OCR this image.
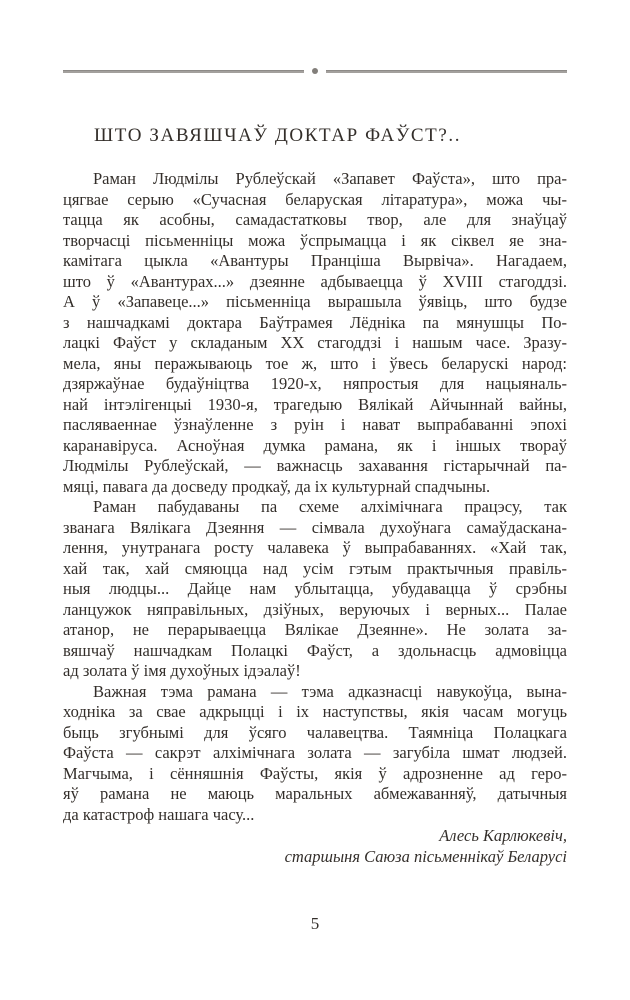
ШТО ЗАВЯШЧАЎ ДОКТАР ФАЎСТ?..
Раман Людмілы Рублеўскай «Запавет Фаўста», што пра-
цягвае серыю «Сучасная беларуская літаратура», можа чы-
тацца як асобны, самадастатковы твор, але для знаўцаў
творчасці пісьменніцы можа ўспрымацца і як сіквел яе зна-
камітага цыкла «Авантуры Пранціша Вырвіча». Нагадаем,
што ў «Авантурах...» дзеянне адбываецца ў XVIII стагоддзі.
А ў «Запавеце...» пісьменніца вырашыла ўявіць, што будзе
з нашчадкамі доктара Баўтрамея Лёдніка па мянушцы По-
лацкі Фаўст у складаным XX стагоддзі і нашым часе. Зразу-
мела, яны перажываюць тое ж, што і ўвесь беларускі народ:
дзяржаўнае будаўніцтва 1920-х, няпростыя для нацыяналь-
най інтэлігенцыі 1930-я, трагедыю Вялікай Айчыннай вайны,
пасляваеннае ўзнаўленне з руін і нават выпрабаванні эпохі
каранавіруса. Асноўная думка рамана, як і іншых твораў
Людмілы Рублеўскай, — важнасць захавання гістарычнай па-
мяці, павага да досведу продкаў, да іх культурнай спадчыны.
Раман пабудаваны па схеме алхімічнага працэсу, так
званага Вялікага Дзеяння — сімвала духоўнага самаўдаскана-
лення, унутранага росту чалавека ў выпрабаваннях. «Хай так,
хай так, хай смяюцца над усім гэтым практычныя правіль-
ныя людцы... Дайце нам ублытацца, убудавацца ў срэбны
ланцужок няправільных, дзіўных, веруючых і верных... Палае
атанор, не перарываецца Вялікае Дзеянне». Не золата за-
вяшчаў нашчадкам Полацкі Фаўст, а здольнасць адмовіцца
ад золата ў імя духоўных ідэалаў!
Важная тэма рамана — тэма адказнасці навукоўца, вына-
ходніка за свае адкрыцці і іх наступствы, якія часам могуць
быць згубнымі для ўсяго чалавецтва. Таямніца Полацкага
Фаўста — сакрэт алхімічнага золата — загубіла шмат людзей.
Магчыма, і сённяшнія Фаўсты, якія ў адрозненне ад геро-
яў рамана не маюць маральных абмежаванняў, датычныя
да катастроф нашага часу...
Алесь Карлюкевіч,
старшыня Саюза пісьменнікаў Беларусі
5
